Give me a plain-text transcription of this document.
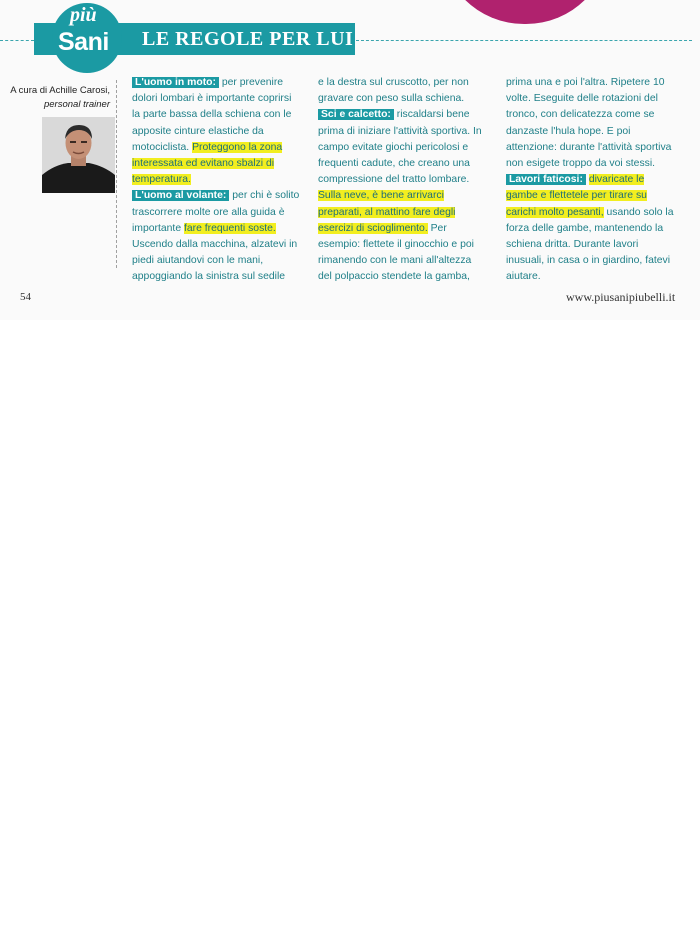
più
Sani LE REGOLE PER LUI
A cura di Achille Carosi,
personal trainer

L'uomo in moto: per prevenire dolori lombari è importante coprirsi la parte bassa della schiena con le apposite cinture elastiche da motociclista. Proteggono la zona interessata ed evitano sbalzi di temperatura.

L'uomo al volante: per chi è solito trascorrere molte ore alla guida è importante fare frequenti soste. Uscendo dalla macchina, alzatevi in piedi aiutandovi con le mani, appoggiando la sinistra sul sedile

e la destra sul cruscotto, per non gravare con peso sulla schiena.

Sci e calcetto: riscaldarsi bene prima di iniziare l'attività sportiva. In campo evitate giochi pericolosi e frequenti cadute, che creano una compressione del tratto lombare. Sulla neve, è bene arrivarci preparati, al mattino fare degli esercizi di scioglimento. Per esempio: flettete il ginocchio e poi rimanendo con le mani all'altezza del polpaccio stendete la gamba,

prima una e poi l'altra. Ripetere 10 volte. Eseguite delle rotazioni del tronco, con delicatezza come se danzaste l'hula hope. E poi attenzione: durante l'attività sportiva non esigete troppo da voi stessi.

Lavori faticosi: divaricate le gambe e flettetele per tirare su carichi molto pesanti, usando solo la forza delle gambe, mantenendo la schiena dritta. Durante lavori inusuali, in casa o in giardino, fatevi aiutare.

54	www.piusanipiubelli.it
